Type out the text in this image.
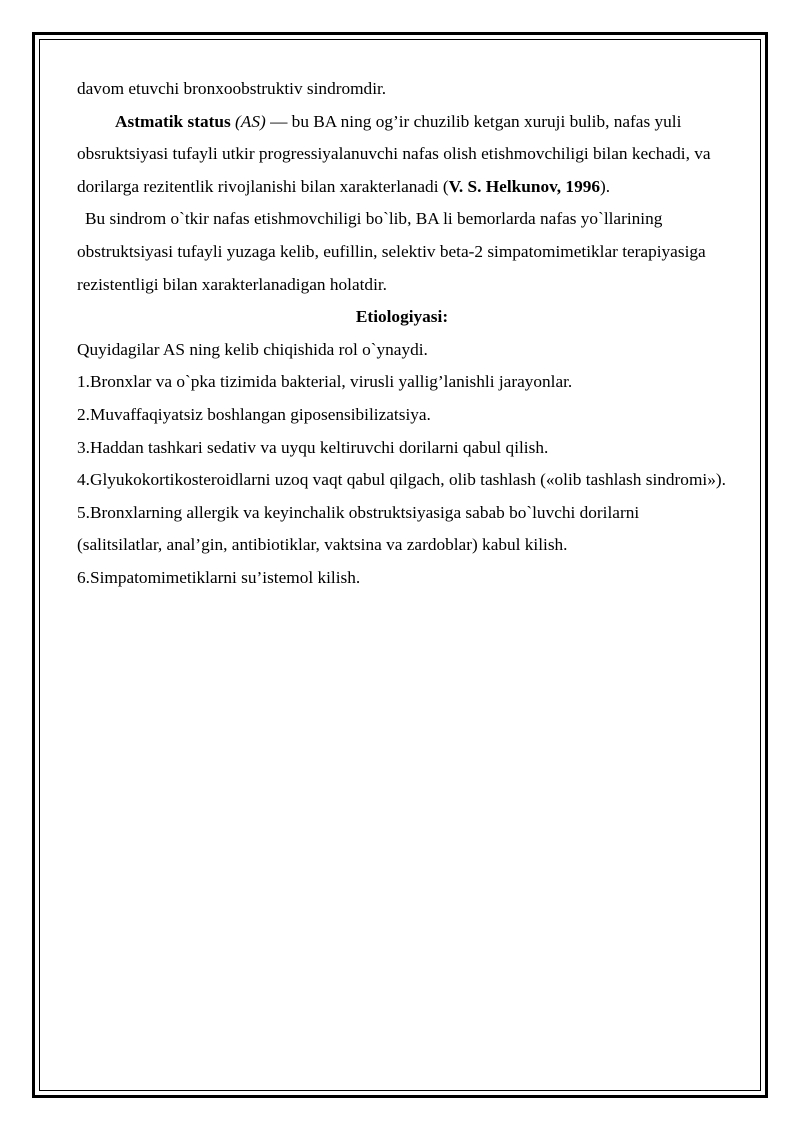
davom etuvchi bronxoobstruktiv sindromdir.

Astmatik status (AS) — bu BA ning og’ir chuzilib ketgan xuruji bulib, nafas yuli obsruktsiyasi tufayli utkir progressiyalanuvchi nafas olish etishmovchiligi bilan kechadi, va dorilarga rezitentlik rivojlanishi bilan xarakterlanadi (V. S. Helkunov, 1996).

Bu sindrom o`tkir nafas etishmovchiligi bo`lib, BA li bemorlarda nafas yo`llarining obstruktsiyasi tufayli yuzaga kelib, eufillin, selektiv beta-2 simpatomimetiklar terapiyasiga

rezistentligi bilan xarakterlanadigan holatdir.

Etiologiyasi:

Quyidagilar AS ning kelib chiqishida rol o`ynaydi.

1.Bronxlar va o`pka tizimida bakterial, virusli yallig’lanishli jarayonlar.

2.Muvaffaqiyatsiz boshlangan giposensibilizatsiya.

3.Haddan tashkari sedativ va uyqu keltiruvchi dorilarni qabul qilish.

4.Glyukokortikosteroidlarni uzoq vaqt qabul qilgach, olib tashlash («olib tashlash sindromi»).

5.Bronxlarning allergik va keyinchalik obstruktsiyasiga sabab bo`luvchi dorilarni (salitsilatlar, anal’gin, antibiotiklar, vaktsina va zardoblar) kabul kilish.

6.Simpatomimetiklarni su’istemol kilish.
